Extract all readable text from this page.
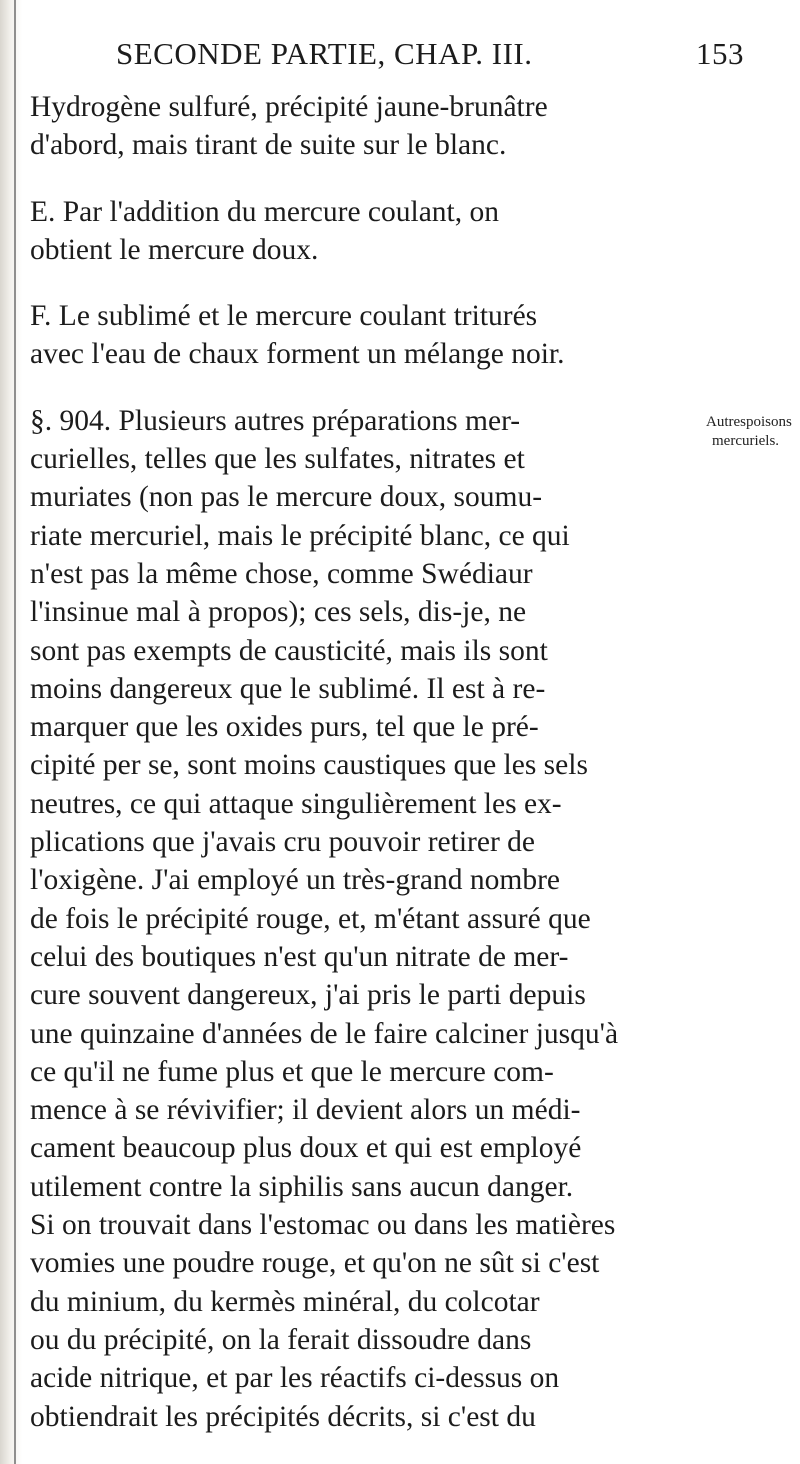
SECONDE PARTIE, CHAP. III.	153
Hydrogène sulfuré, précipité jaune-brunâtre
d'abord, mais tirant de suite sur le blanc.
E. Par l'addition du mercure coulant, on
obtient le mercure doux.
F. Le sublimé et le mercure coulant triturés
avec l'eau de chaux forment un mélange noir.
§. 904. Plusieurs autres préparations mer-
curielles, telles que les sulfates, nitrates et
muriates (non pas le mercure doux, soumu-
riate mercuriel, mais le précipité blanc, ce qui
n'est pas la même chose, comme Swédiaur
l'insinue mal à propos); ces sels, dis-je, ne
sont pas exempts de causticité, mais ils sont
moins dangereux que le sublimé. Il est à re-
marquer que les oxides purs, tel que le pré-
cipité per se, sont moins caustiques que les sels
neutres, ce qui attaque singulièrement les ex-
plications que j'avais cru pouvoir retirer de
l'oxigène. J'ai employé un très-grand nombre
de fois le précipité rouge, et, m'étant assuré que
celui des boutiques n'est qu'un nitrate de mer-
cure souvent dangereux, j'ai pris le parti depuis
une quinzaine d'années de le faire calciner jusqu'à
ce qu'il ne fume plus et que le mercure com-
mence à se révivifier; il devient alors un médi-
cament beaucoup plus doux et qui est employé
utilement contre la siphilis sans aucun danger.
Si on trouvait dans l'estomac ou dans les matières
vomies une poudre rouge, et qu'on ne sût si c'est
du minium, du kermès minéral, du colcotar
ou du précipité, on la ferait dissoudre dans
acide nitrique, et par les réactifs ci-dessus on
obtiendrait les précipités décrits, si c'est du
Autrespoisons
mercuriels.
